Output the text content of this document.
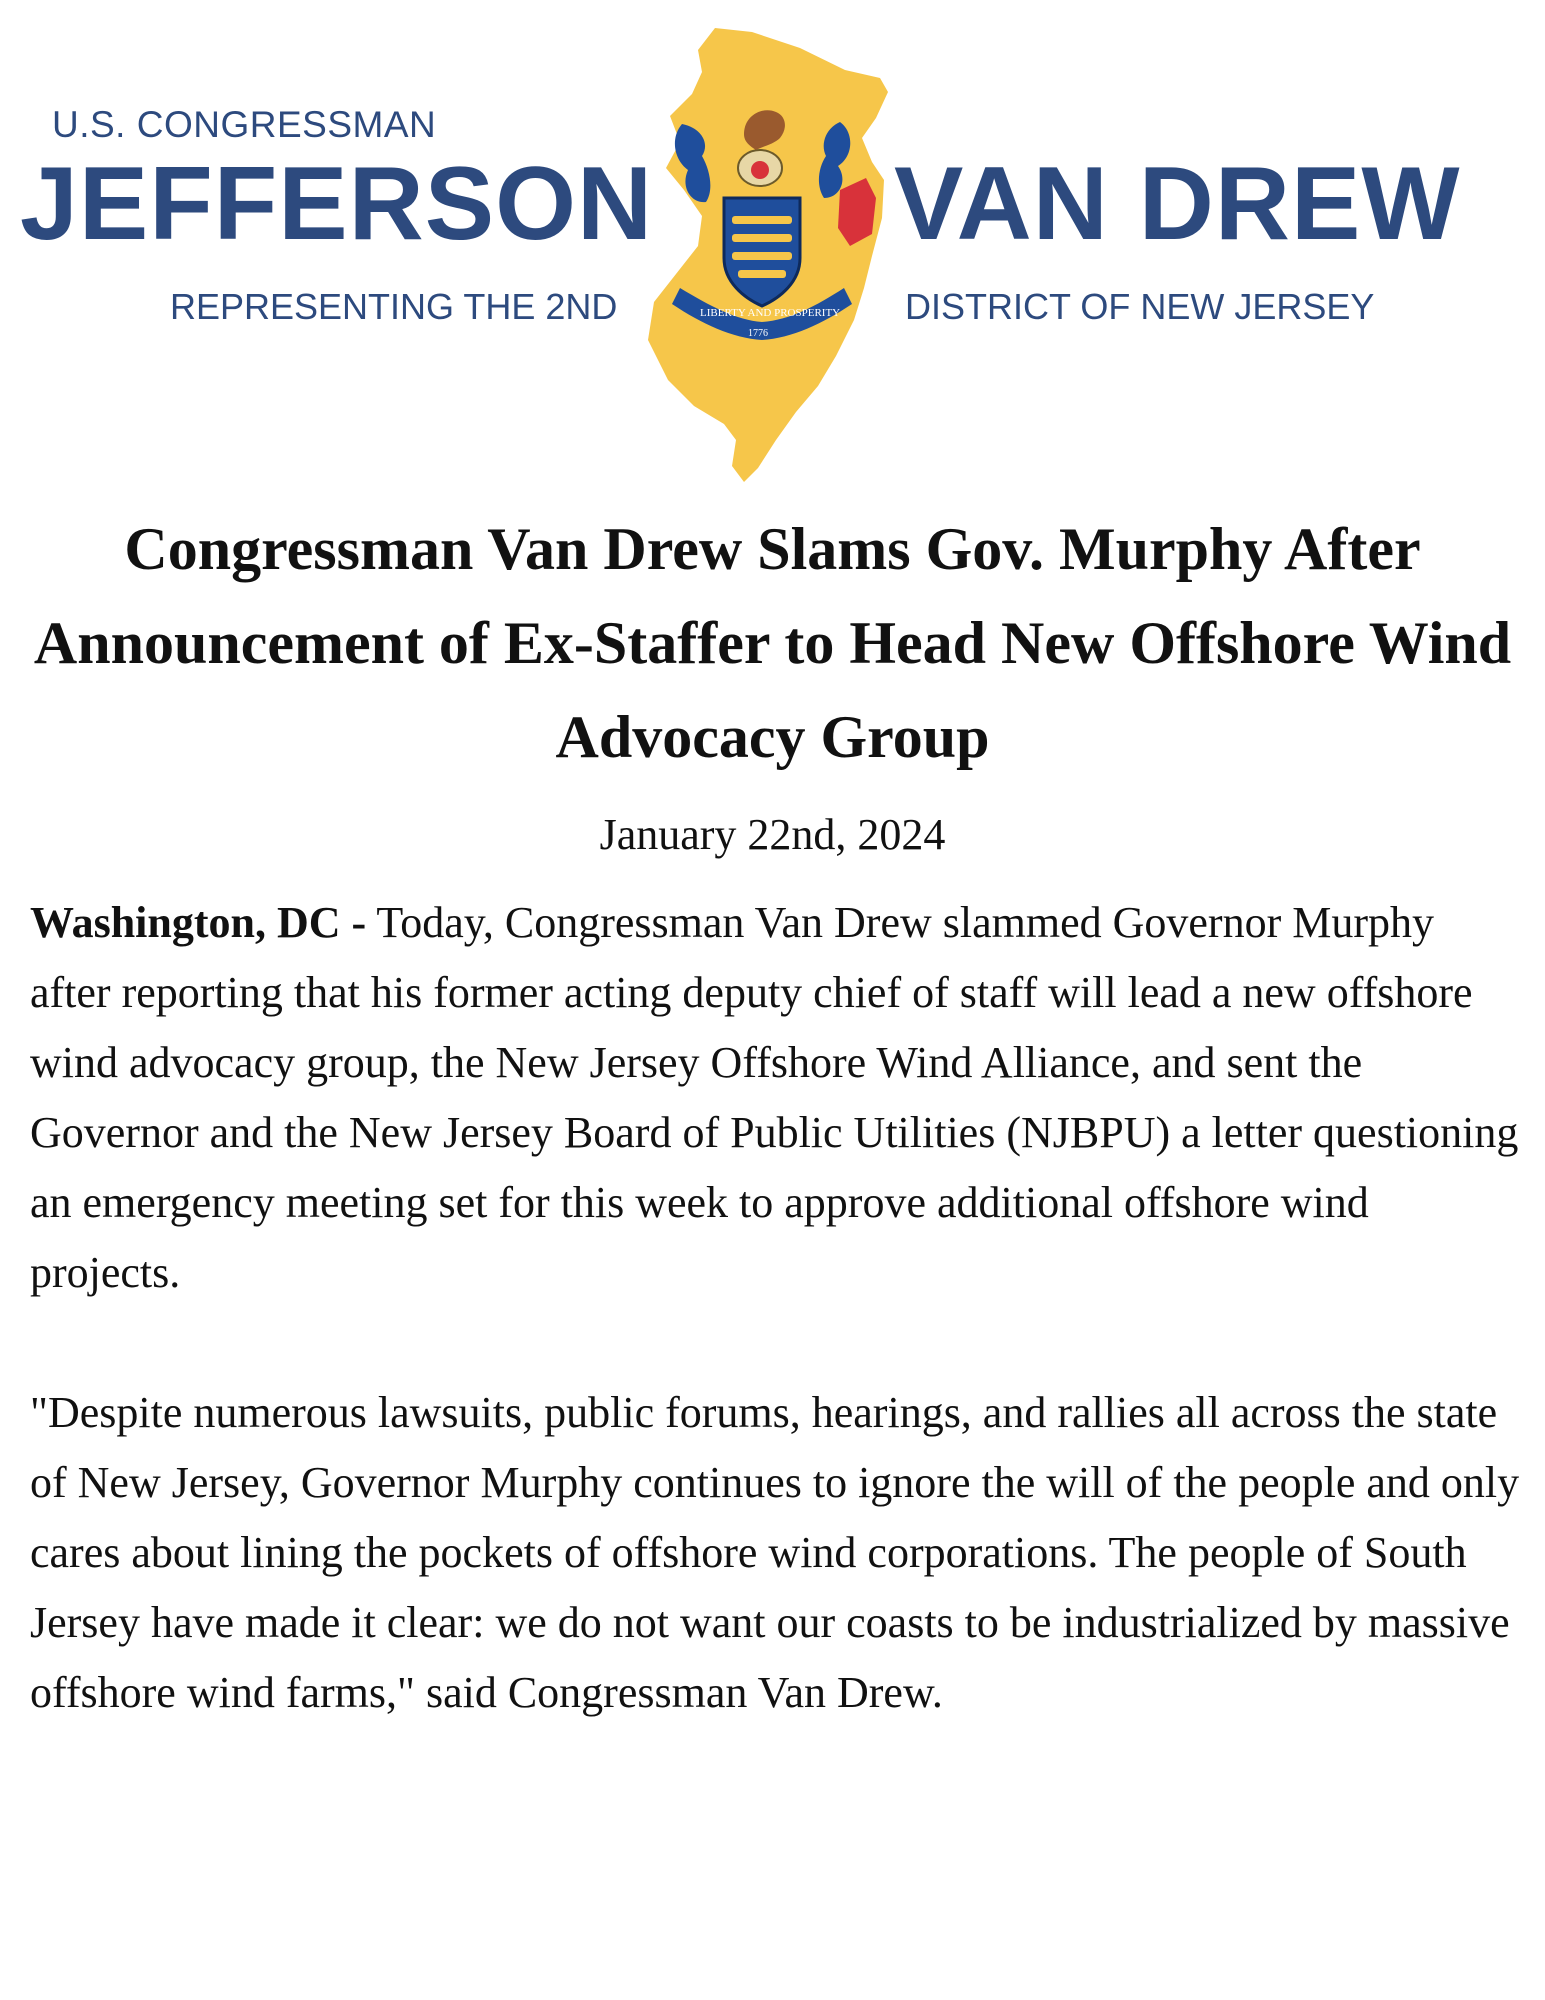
U.S. CONGRESSMAN

JEFFERSON VAN DREW

REPRESENTING THE 2ND	DISTRICT OF NEW JERSEY

LIBERTY AND PROSPERITY
1776
Congressman Van Drew Slams Gov. Murphy After Announcement of Ex-Staffer to Head New Offshore Wind Advocacy Group

January 22nd, 2024

Washington, DC - Today, Congressman Van Drew slammed Governor Murphy after reporting that his former acting deputy chief of staff will lead a new offshore wind advocacy group, the New Jersey Offshore Wind Alliance, and sent the Governor and the New Jersey Board of Public Utilities (NJBPU) a letter questioning an emergency meeting set for this week to approve additional offshore wind projects.

"Despite numerous lawsuits, public forums, hearings, and rallies all across the state of New Jersey, Governor Murphy continues to ignore the will of the people and only cares about lining the pockets of offshore wind corporations. The people of South Jersey have made it clear: we do not want our coasts to be industrialized by massive offshore wind farms," said Congressman Van Drew.
